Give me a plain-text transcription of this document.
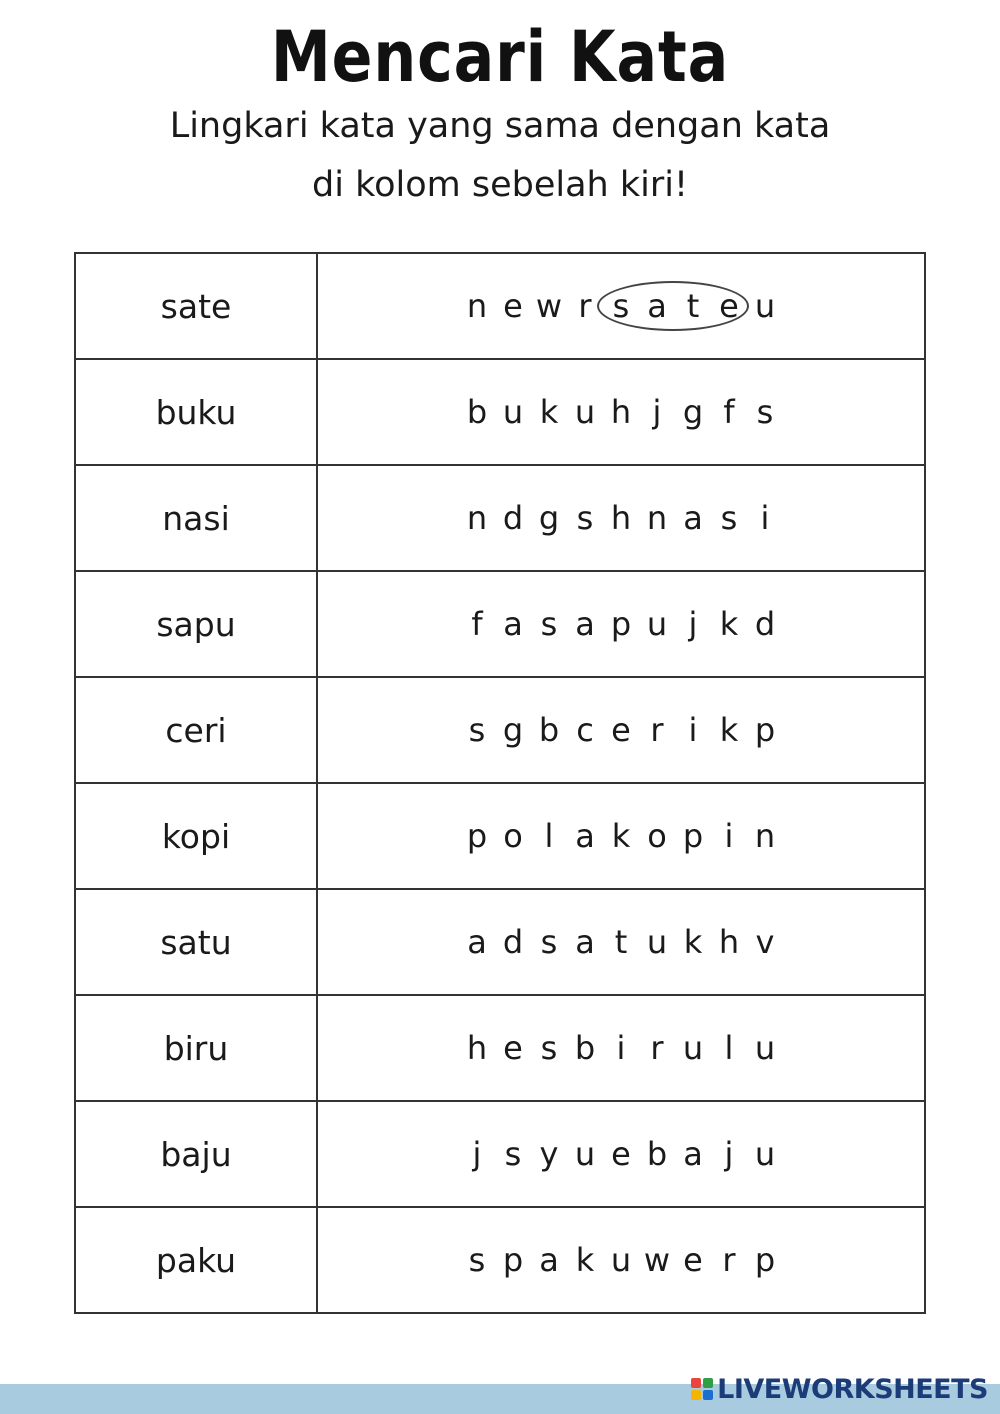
Mencari Kata
Lingkari kata yang sama dengan kata
di kolom sebelah kiri!
sate	n e w r s a t e u

buku	b u k u h j g f s
nasi	n d g s h n a s i
sapu	f a s a p u j k d
ceri	s g b c e r i k p
kopi	p o l a k o p i n
satu	a d s a t u k h v
biru	h e s b i r u l u
baju	j s y u e b a j u
paku	s p a k u w e r p
LIVEWORKSHEETS
